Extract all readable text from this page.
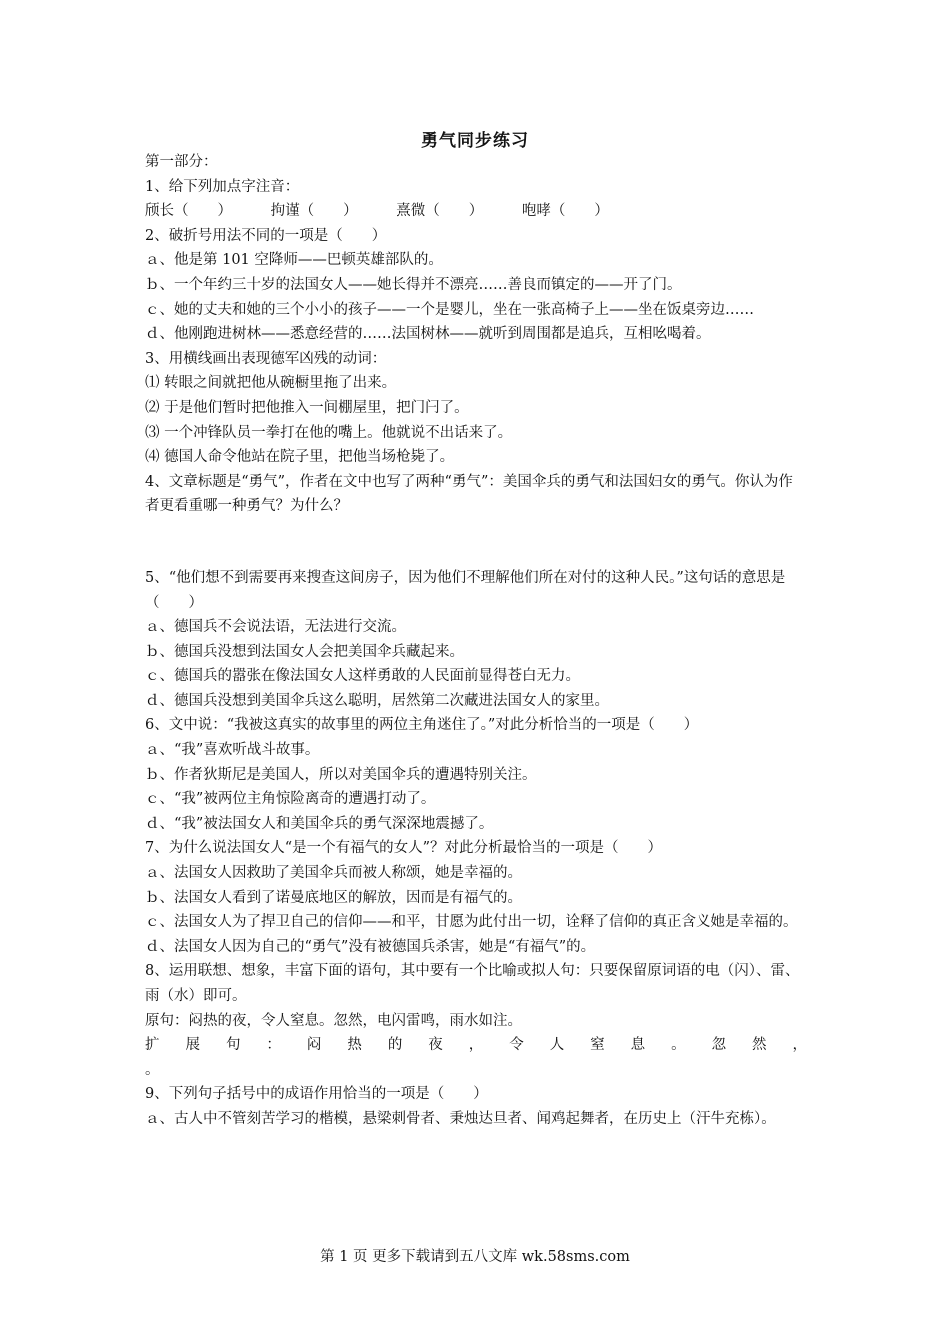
勇气同步练习
第一部分：
1、给下列加点字注音：
颀长（　　）	拘谨（　　）	熹微（　　）	咆哮（　　）
2、破折号用法不同的一项是（　　）
ａ、他是第 101 空降师——巴顿英雄部队的。
ｂ、一个年约三十岁的法国女人——她长得并不漂亮……善良而镇定的——开了门。
ｃ、她的丈夫和她的三个小小的孩子——一个是婴儿，坐在一张高椅子上——坐在饭桌旁边……
ｄ、他刚跑进树林——悉意经营的……法国树林——就听到周围都是追兵，互相吆喝着。
3、用横线画出表现德军凶残的动词：
⑴ 转眼之间就把他从碗橱里拖了出来。
⑵ 于是他们暂时把他推入一间棚屋里，把门闩了。
⑶ 一个冲锋队员一拳打在他的嘴上。他就说不出话来了。
⑷ 德国人命令他站在院子里，把他当场枪毙了。
4、文章标题是“勇气”，作者在文中也写了两种“勇气”：美国伞兵的勇气和法国妇女的勇气。你认为作者更看重哪一种勇气？为什么？
5、“他们想不到需要再来搜查这间房子，因为他们不理解他们所在对付的这种人民。”这句话的意思是（　　）
ａ、德国兵不会说法语，无法进行交流。
ｂ、德国兵没想到法国女人会把美国伞兵藏起来。
ｃ、德国兵的嚣张在像法国女人这样勇敢的人民面前显得苍白无力。
ｄ、德国兵没想到美国伞兵这么聪明，居然第二次藏进法国女人的家里。
6、文中说：“我被这真实的故事里的两位主角迷住了。”对此分析恰当的一项是（　　）
ａ、“我”喜欢听战斗故事。
ｂ、作者狄斯尼是美国人，所以对美国伞兵的遭遇特别关注。
ｃ、“我”被两位主角惊险离奇的遭遇打动了。
ｄ、“我”被法国女人和美国伞兵的勇气深深地震撼了。
7、为什么说法国女人“是一个有福气的女人”？对此分析最恰当的一项是（　　）
ａ、法国女人因救助了美国伞兵而被人称颂，她是幸福的。
ｂ、法国女人看到了诺曼底地区的解放，因而是有福气的。
ｃ、法国女人为了捍卫自己的信仰——和平，甘愿为此付出一切，诠释了信仰的真正含义她是幸福的。
ｄ、法国女人因为自己的“勇气”没有被德国兵杀害，她是“有福气”的。
8、运用联想、想象，丰富下面的语句，其中要有一个比喻或拟人句：只要保留原词语的电（闪）、雷、雨（水）即可。
原句：闷热的夜，令人窒息。忽然，电闪雷鸣，雨水如注。
扩 展 句 ： 闷 热 的 夜 ， 令 人 窒 息 。 忽 然 ，
。
9、下列句子括号中的成语作用恰当的一项是（　　）
ａ、古人中不管刻苦学习的楷模，悬梁刺骨者、秉烛达旦者、闻鸡起舞者，在历史上（汗牛充栋）。
第 1 页 更多下载请到五八文库 wk.58sms.com
